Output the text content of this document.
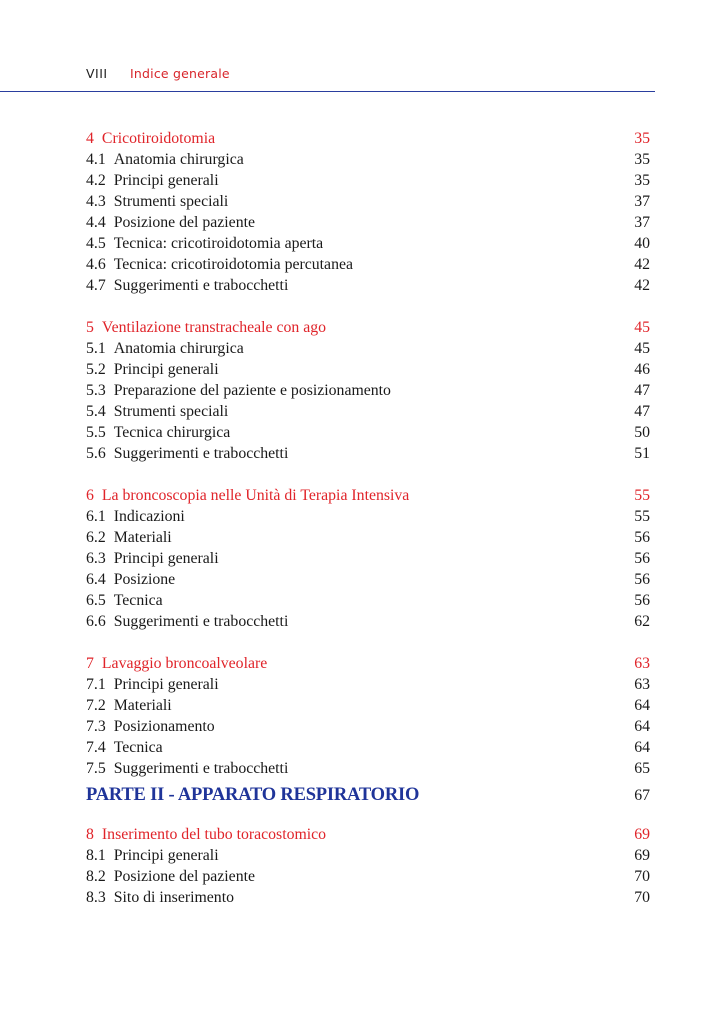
VIII	Indice generale
4 Cricotiroidotomia	35
4.1 Anatomia chirurgica	35
4.2 Principi generali	35
4.3 Strumenti speciali	37
4.4 Posizione del paziente	37
4.5 Tecnica: cricotiroidotomia aperta	40
4.6 Tecnica: cricotiroidotomia percutanea	42
4.7 Suggerimenti e trabocchetti	42
5 Ventilazione transtracheale con ago	45
5.1 Anatomia chirurgica	45
5.2 Principi generali	46
5.3 Preparazione del paziente e posizionamento	47
5.4 Strumenti speciali	47
5.5 Tecnica chirurgica	50
5.6 Suggerimenti e trabocchetti	51
6 La broncoscopia nelle Unità di Terapia Intensiva	55
6.1 Indicazioni	55
6.2 Materiali	56
6.3 Principi generali	56
6.4 Posizione	56
6.5 Tecnica	56
6.6 Suggerimenti e trabocchetti	62
7 Lavaggio broncoalveolare	63
7.1 Principi generali	63
7.2 Materiali	64
7.3 Posizionamento	64
7.4 Tecnica	64
7.5 Suggerimenti e trabocchetti	65
PARTE II - APPARATO RESPIRATORIO	67
8 Inserimento del tubo toracostomico	69
8.1 Principi generali	69
8.2 Posizione del paziente	70
8.3 Sito di inserimento	70
